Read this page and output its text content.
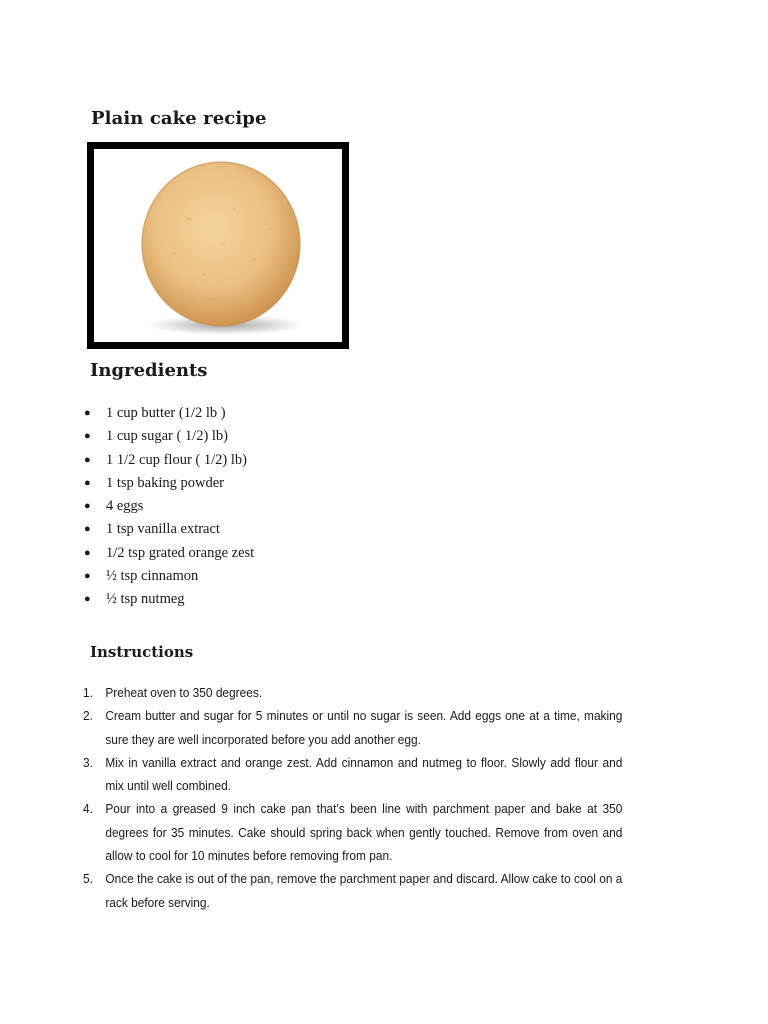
Plain cake recipe
Ingredients
● 1 cup butter (1/2 lb )
● 1 cup sugar ( 1/2) lb)
● 1 1/2 cup flour ( 1/2) lb)
● 1 tsp baking powder
● 4 eggs
● 1 tsp vanilla extract
● 1/2 tsp grated orange zest
● ½ tsp cinnamon
● ½ tsp nutmeg
Instructions
1. Preheat oven to 350 degrees.
2. Cream butter and sugar for 5 minutes or until no sugar is seen. Add eggs one at a time, making sure they are well incorporated before you add another egg.
3. Mix in vanilla extract and orange zest. Add cinnamon and nutmeg to floor. Slowly add flour and mix until well combined.
4. Pour into a greased 9 inch cake pan that's been line with parchment paper and bake at 350 degrees for 35 minutes. Cake should spring back when gently touched. Remove from oven and allow to cool for 10 minutes before removing from pan.
5. Once the cake is out of the pan, remove the parchment paper and discard. Allow cake to cool on a rack before serving.
